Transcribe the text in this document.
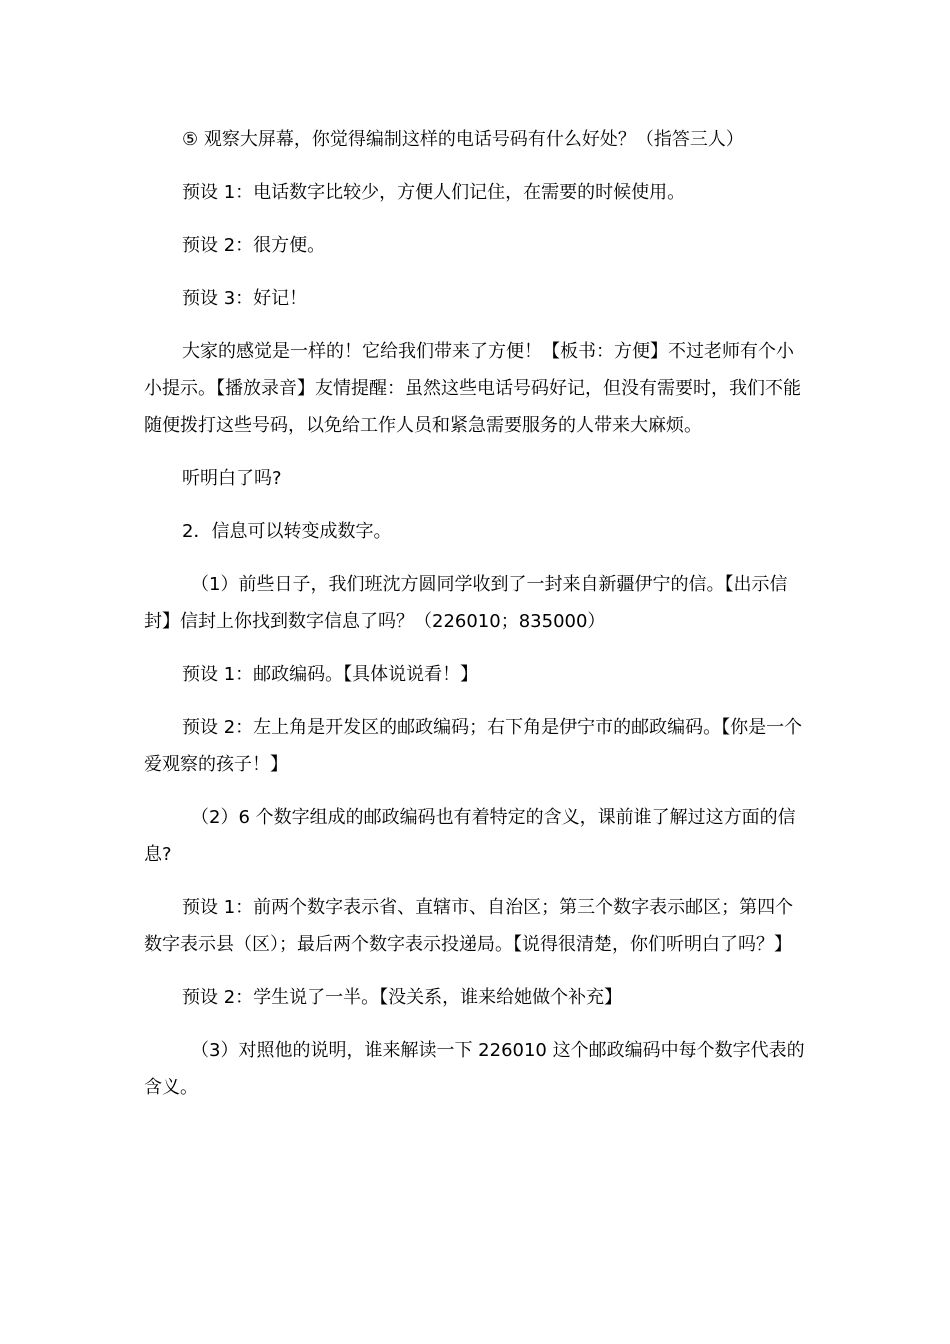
⑤ 观察大屏幕，你觉得编制这样的电话号码有什么好处？（指答三人）

预设 1：电话数字比较少，方便人们记住，在需要的时候使用。

预设 2：很方便。

预设 3：好记！

大家的感觉是一样的！它给我们带来了方便！【板书：方便】不过老师有个小小提示。【播放录音】友情提醒：虽然这些电话号码好记，但没有需要时，我们不能随便拨打这些号码，以免给工作人员和紧急需要服务的人带来大麻烦。

听明白了吗?

2．信息可以转变成数字。

（1）前些日子，我们班沈方圆同学收到了一封来自新疆伊宁的信。【出示信封】信封上你找到数字信息了吗？（226010；835000）

预设 1：邮政编码。【具体说说看！】

预设 2：左上角是开发区的邮政编码；右下角是伊宁市的邮政编码。【你是一个爱观察的孩子！】

（2）6 个数字组成的邮政编码也有着特定的含义，课前谁了解过这方面的信息?

预设 1：前两个数字表示省、直辖市、自治区；第三个数字表示邮区；第四个数字表示县（区）；最后两个数字表示投递局。【说得很清楚，你们听明白了吗？】

预设 2：学生说了一半。【没关系，谁来给她做个补充】

（3）对照他的说明，谁来解读一下 226010 这个邮政编码中每个数字代表的含义。
